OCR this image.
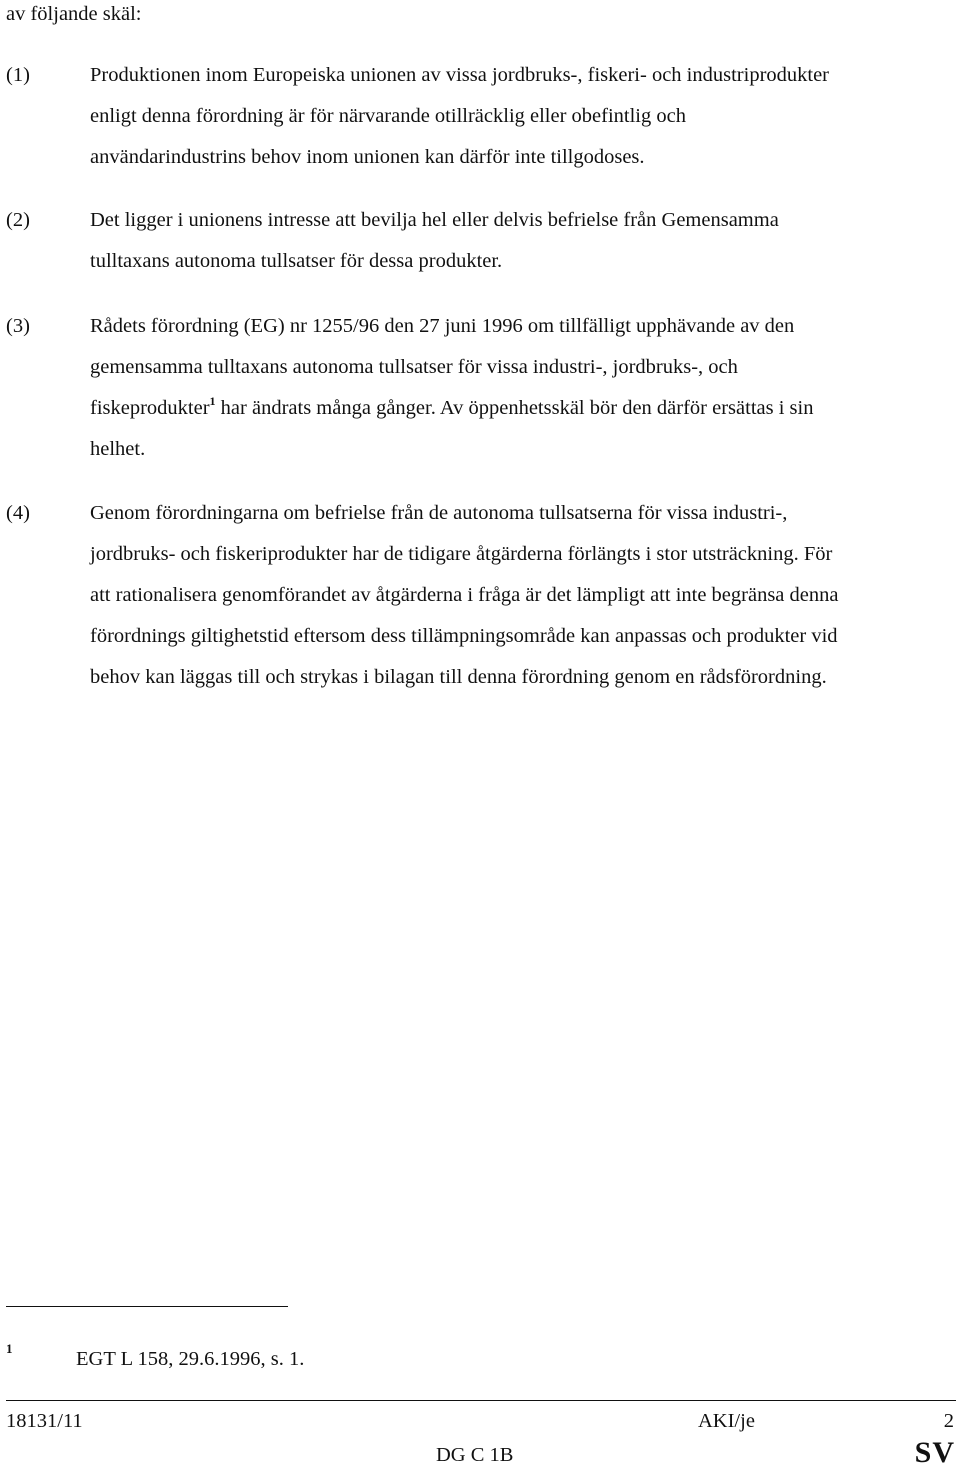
av följande skäl:
(1)	Produktionen inom Europeiska unionen av vissa jordbruks-, fiskeri- och industriprodukter
enligt denna förordning är för närvarande otillräcklig eller obefintlig och
användarindustrins behov inom unionen kan därför inte tillgodoses.
(2)	Det ligger i unionens intresse att bevilja hel eller delvis befrielse från Gemensamma
tulltaxans autonoma tullsatser för dessa produkter.
(3)	Rådets förordning (EG) nr 1255/96 den 27 juni 1996 om tillfälligt upphävande av den
gemensamma tulltaxans autonoma tullsatser för vissa industri-, jordbruks-, och
fiskeprodukter$^1$ har ändrats många gånger. Av öppenhetsskäl bör den därför ersättas i sin
helhet.
(4)	Genom förordningarna om befrielse från de autonoma tullsatserna för vissa industri-,
jordbruks- och fiskeriprodukter har de tidigare åtgärderna förlängts i stor utsträckning. För
att rationalisera genomförandet av åtgärderna i fråga är det lämpligt att inte begränsa denna
förordnings giltighetstid eftersom dess tillämpningsområde kan anpassas och produkter vid
behov kan läggas till och strykas i bilagan till denna förordning genom en rådsförordning.
1	EGT L 158, 29.6.1996, s. 1.
18131/11	AKI/je	2
DG C 1B	SV
